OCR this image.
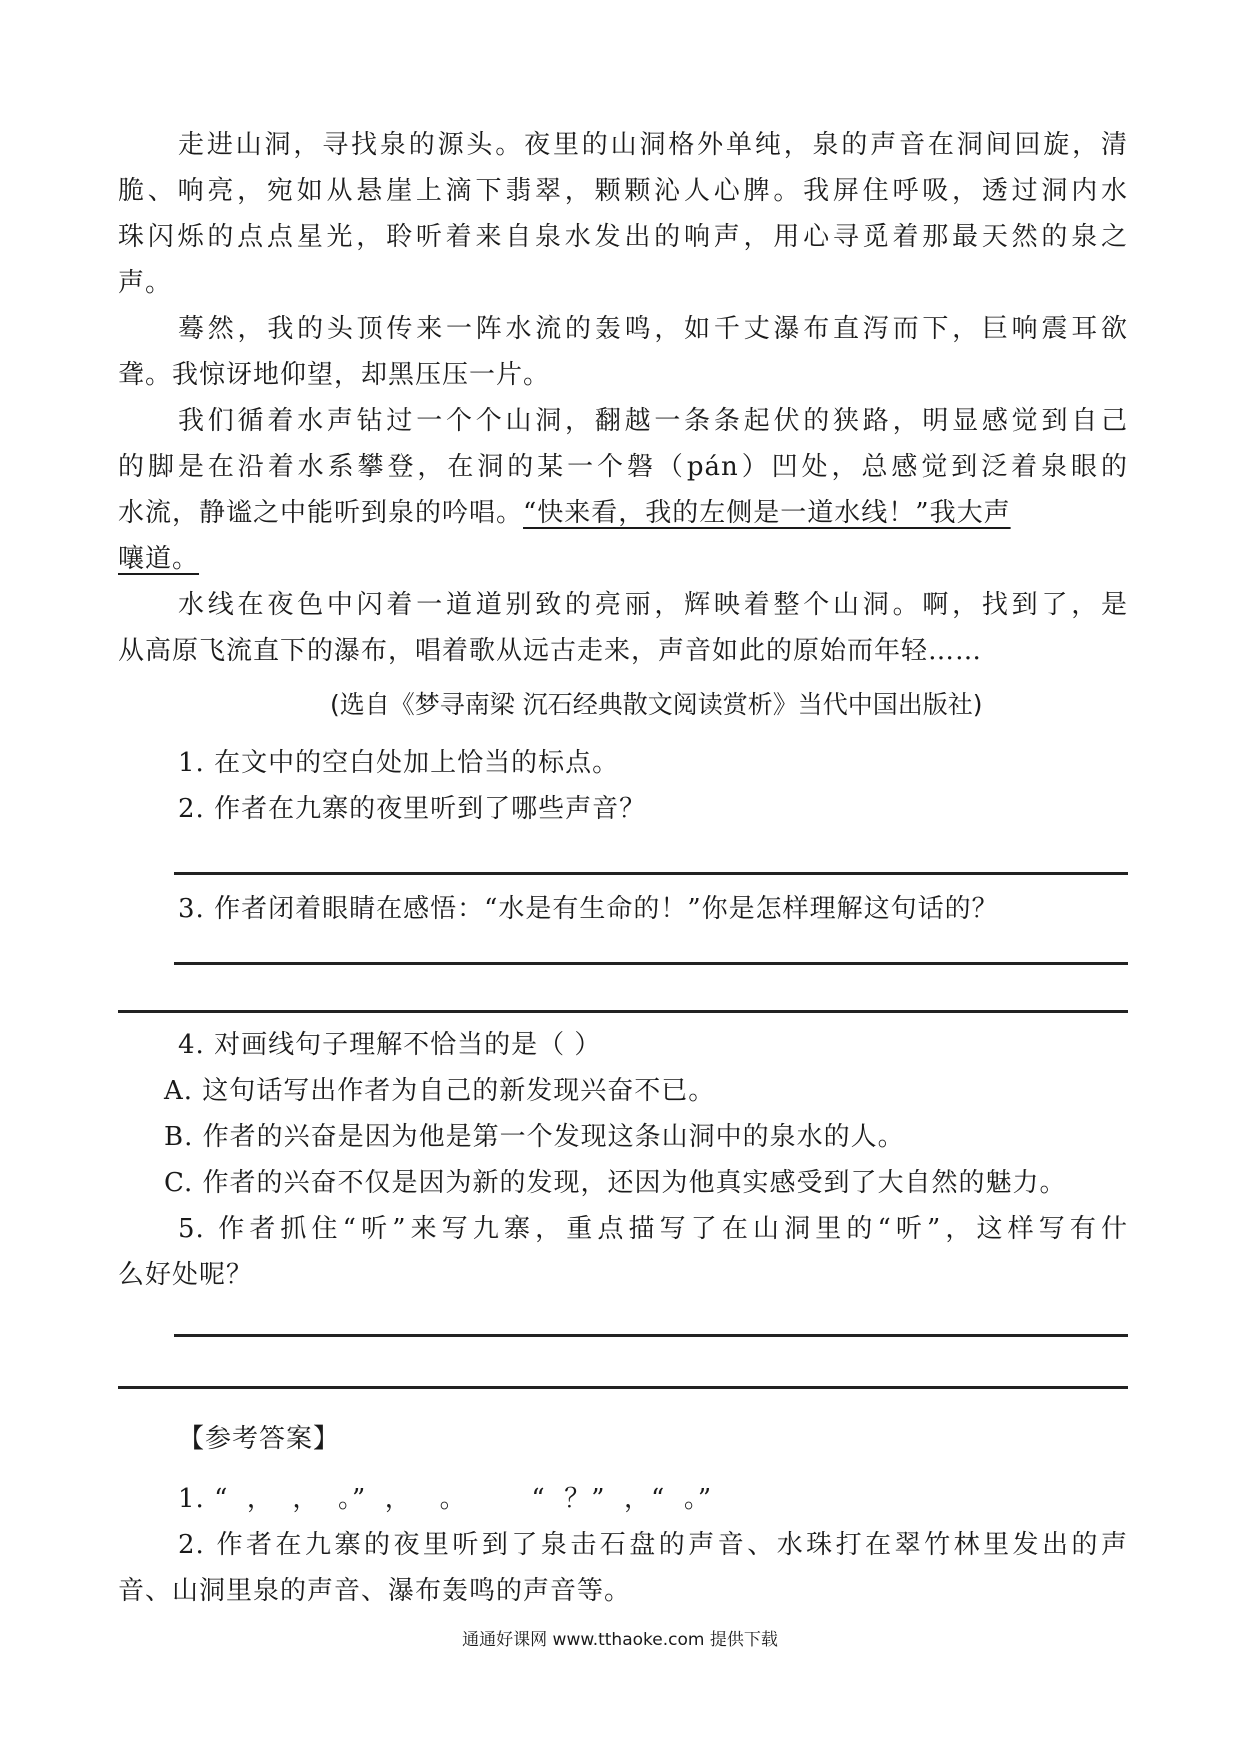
走进山洞，寻找泉的源头。夜里的山洞格外单纯，泉的声音在洞间回旋，清
脆、响亮，宛如从悬崖上滴下翡翠，颗颗沁人心脾。我屏住呼吸，透过洞内水
珠闪烁的点点星光，聆听着来自泉水发出的响声，用心寻觅着那最天然的泉之
声。
蓦然，我的头顶传来一阵水流的轰鸣，如千丈瀑布直泻而下，巨响震耳欲
聋。我惊讶地仰望，却黑压压一片。
我们循着水声钻过一个个山洞，翻越一条条起伏的狭路，明显感觉到自己
的脚是在沿着水系攀登，在洞的某一个磐（pán）凹处，总感觉到泛着泉眼的
水流，静谧之中能听到泉的吟唱。“快来看，我的左侧是一道水线！”我大声
嚷道。
水线在夜色中闪着一道道别致的亮丽，辉映着整个山洞。啊，找到了，是
从高原飞流直下的瀑布，唱着歌从远古走来，声音如此的原始而年轻……
(选自《梦寻南梁 沉石经典散文阅读赏析》当代中国出版社)
1. 在文中的空白处加上恰当的标点。
2. 作者在九寨的夜里听到了哪些声音？
3. 作者闭着眼睛在感悟：“水是有生命的！”你是怎样理解这句话的？
4. 对画线句子理解不恰当的是（ ）
A. 这句话写出作者为自己的新发现兴奋不已。
B. 作者的兴奋是因为他是第一个发现这条山洞中的泉水的人。
C. 作者的兴奋不仅是因为新的发现，还因为他真实感受到了大自然的魅力。
5. 作者抓住“听”来写九寨，重点描写了在山洞里的“听”，这样写有什
么好处呢？
【参考答案】
1. “  ，  ，  。”  ，   。       “  ？”  ，“  。”
2. 作者在九寨的夜里听到了泉击石盘的声音、水珠打在翠竹林里发出的声
音、山洞里泉的声音、瀑布轰鸣的声音等。
通通好课网 www.tthaoke.com 提供下载
